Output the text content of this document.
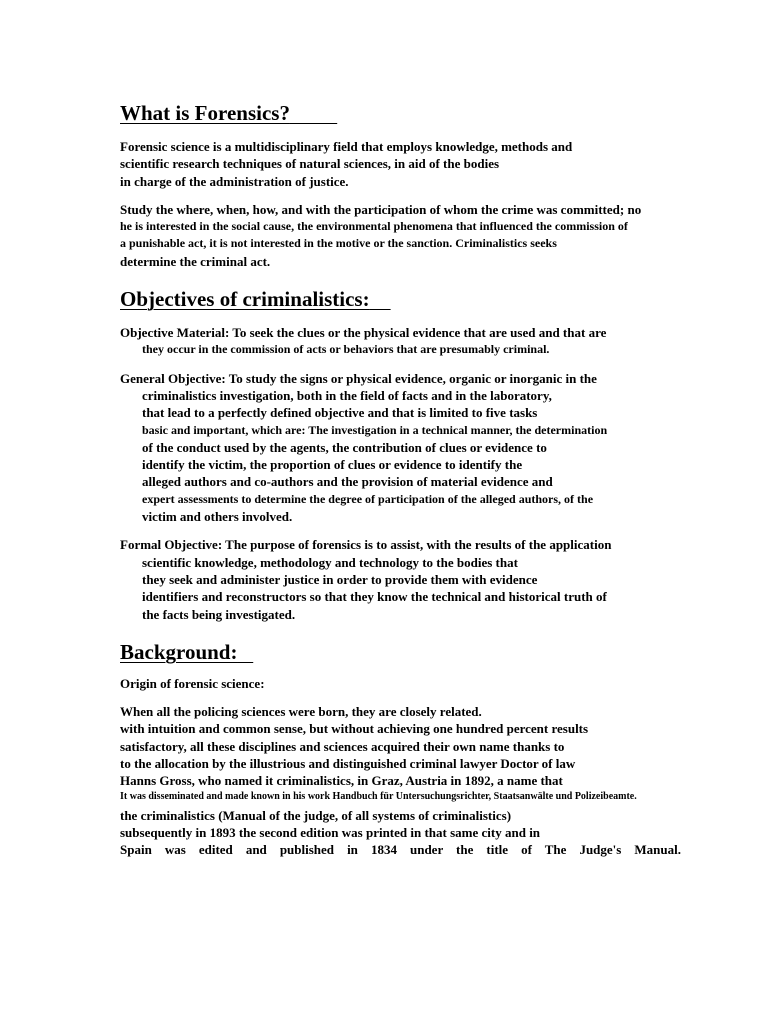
What is Forensics?

Forensic science is a multidisciplinary field that employs knowledge, methods and
scientific research techniques of natural sciences, in aid of the bodies
in charge of the administration of justice.

Study the where, when, how, and with the participation of whom the crime was committed; no
he is interested in the social cause, the environmental phenomena that influenced the commission of
a punishable act, it is not interested in the motive or the sanction. Criminalistics seeks
determine the criminal act.

Objectives of criminalistics:

Objective Material: To seek the clues or the physical evidence that are used and that are
they occur in the commission of acts or behaviors that are presumably criminal.

General Objective: To study the signs or physical evidence, organic or inorganic in the
criminalistics investigation, both in the field of facts and in the laboratory,
that lead to a perfectly defined objective and that is limited to five tasks
basic and important, which are: The investigation in a technical manner, the determination
of the conduct used by the agents, the contribution of clues or evidence to
identify the victim, the proportion of clues or evidence to identify the
alleged authors and co-authors and the provision of material evidence and
expert assessments to determine the degree of participation of the alleged authors, of the
victim and others involved.

Formal Objective: The purpose of forensics is to assist, with the results of the application
scientific knowledge, methodology and technology to the bodies that
they seek and administer justice in order to provide them with evidence
identifiers and reconstructors so that they know the technical and historical truth of
the facts being investigated.

Background:

Origin of forensic science:

When all the policing sciences were born, they are closely related.
with intuition and common sense, but without achieving one hundred percent results
satisfactory, all these disciplines and sciences acquired their own name thanks to
to the allocation by the illustrious and distinguished criminal lawyer Doctor of law
Hanns Gross, who named it criminalistics, in Graz, Austria in 1892, a name that
It was disseminated and made known in his work Handbuch für Untersuchungsrichter, Staatsanwälte und Polizeibeamte.
the criminalistics (Manual of the judge, of all systems of criminalistics)
subsequently in 1893 the second edition was printed in that same city and in
Spain was edited and published in 1834 under the title of The Judge's Manual.
